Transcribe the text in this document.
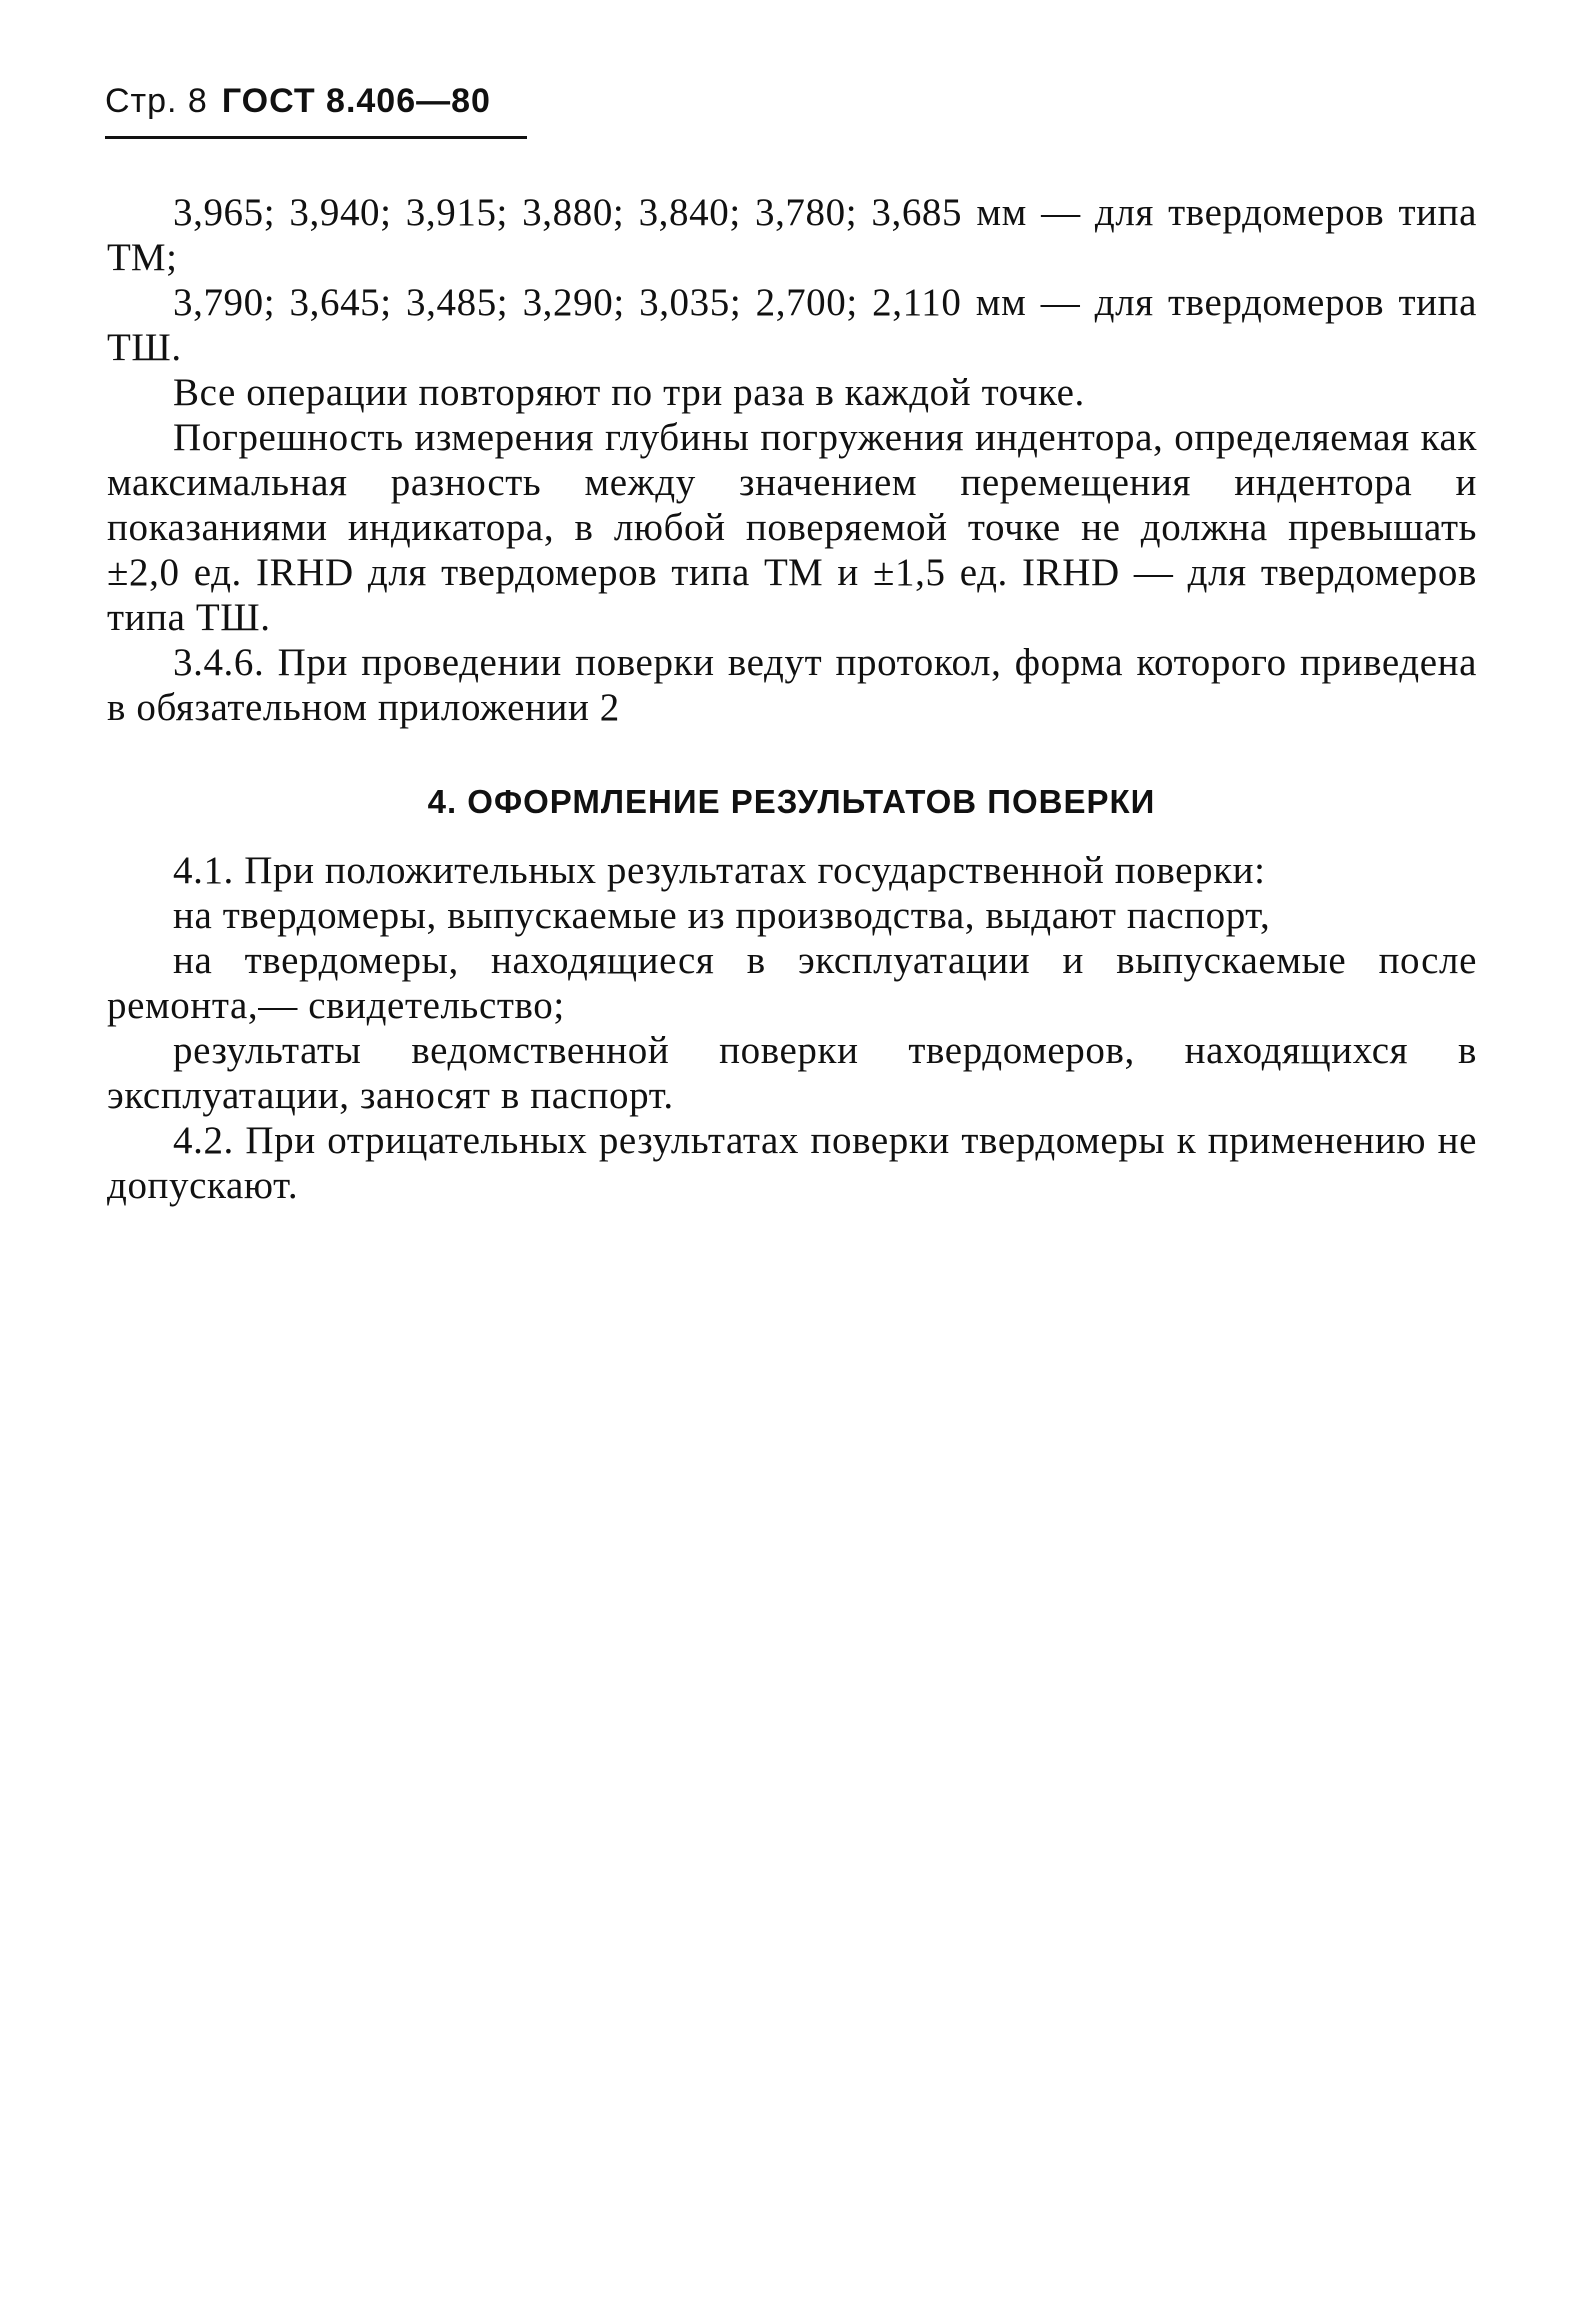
Стр. 8 ГОСТ 8.406—80

3,965; 3,940; 3,915; 3,880; 3,840; 3,780; 3,685 мм — для твердомеров типа ТМ;

3,790; 3,645; 3,485; 3,290; 3,035; 2,700; 2,110 мм — для твердомеров типа ТШ.

Все операции повторяют по три раза в каждой точке.

Погрешность измерения глубины погружения индентора, определяемая как максимальная разность между значением перемещения индентора и показаниями индикатора, в любой поверяемой точке не должна превышать ±2,0 ед. IRHD для твердомеров типа ТМ и ±1,5 ед. IRHD — для твердомеров типа ТШ.

3.4.6. При проведении поверки ведут протокол, форма которого приведена в обязательном приложении 2

4. ОФОРМЛЕНИЕ РЕЗУЛЬТАТОВ ПОВЕРКИ

4.1. При положительных результатах государственной поверки:

на твердомеры, выпускаемые из производства, выдают паспорт,

на твердомеры, находящиеся в эксплуатации и выпускаемые после ремонта,— свидетельство;

результаты ведомственной поверки твердомеров, находящихся в эксплуатации, заносят в паспорт.

4.2. При отрицательных результатах поверки твердомеры к применению не допускают.
